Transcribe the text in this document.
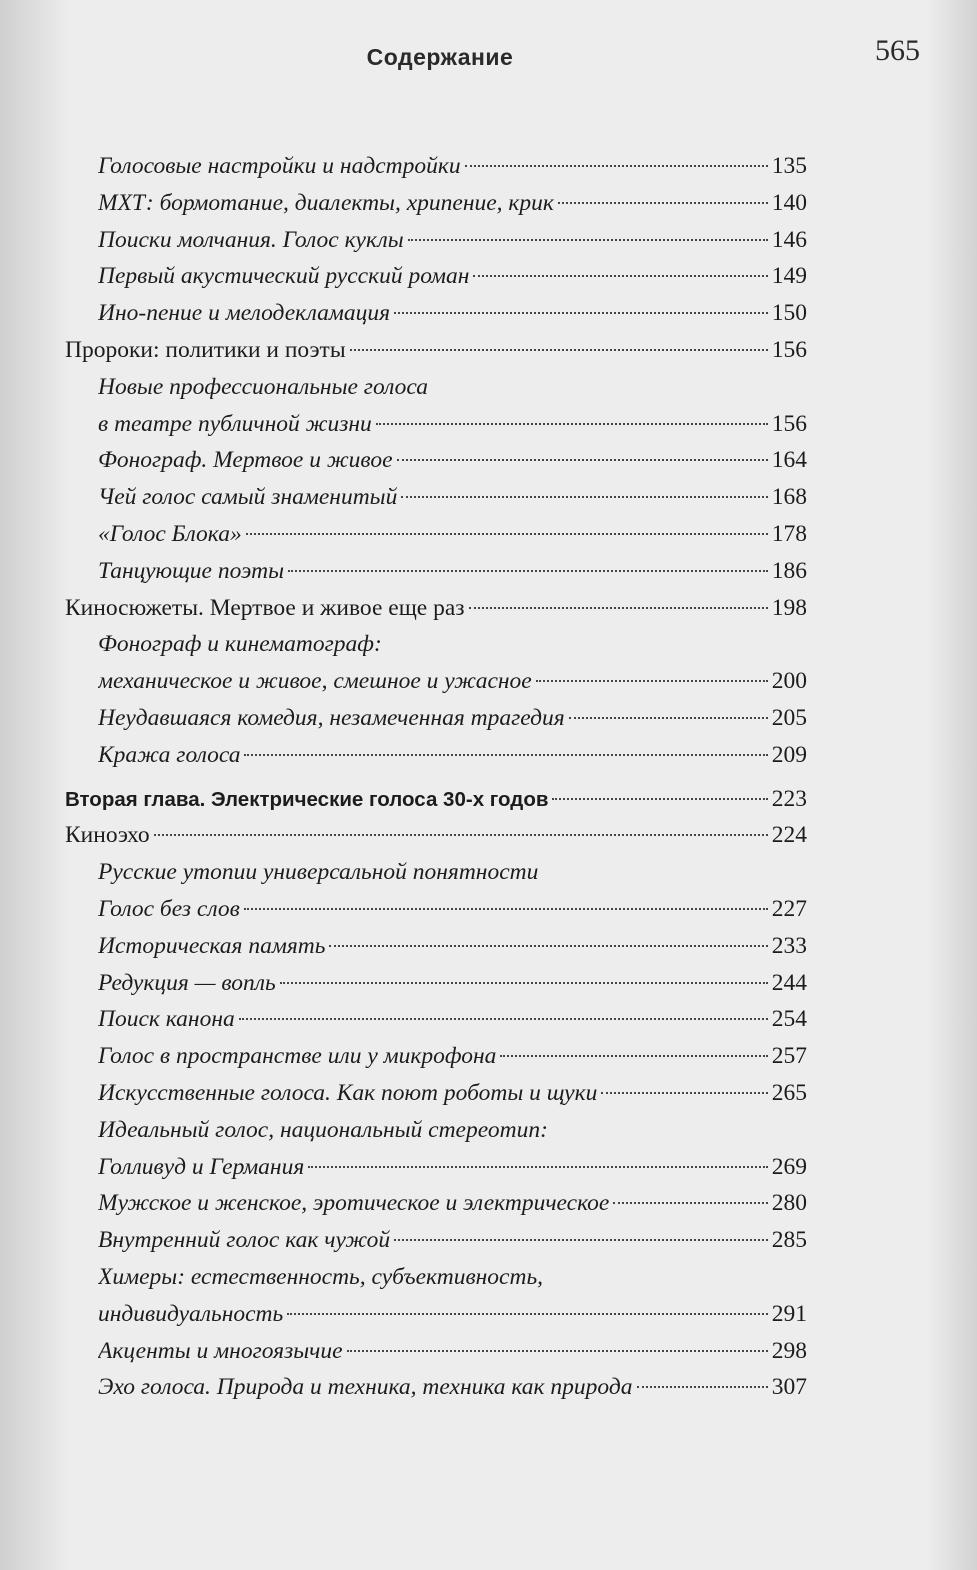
Содержание	565
Голосовые настройки и надстройки	135
МХТ: бормотание, диалекты, хрипение, крик	140
Поиски молчания. Голос куклы	146
Первый акустический русский роман	149
Ино-пение и мелодекламация	150
Пророки: политики и поэты	156
Новые профессиональные голоса
в театре публичной жизни	156
Фонограф. Мертвое и живое	164
Чей голос самый знаменитый	168
«Голос Блока»	178
Танцующие поэты	186
Киносюжеты. Мертвое и живое еще раз	198
Фонограф и кинематограф:
механическое и живое, смешное и ужасное	200
Неудавшаяся комедия, незамеченная трагедия	205
Кража голоса	209
Вторая глава. Электрические голоса 30-х годов	223
Киноэхо	224
Русские утопии универсальной понятности
Голос без слов	227
Историческая память	233
Редукция — вопль	244
Поиск канона	254
Голос в пространстве или у микрофона	257
Искусственные голоса. Как поют роботы и щуки	265
Идеальный голос, национальный стереотип:
Голливуд и Германия	269
Мужское и женское, эротическое и электрическое	280
Внутренний голос как чужой	285
Химеры: естественность, субъективность,
индивидуальность	291
Акценты и многоязычие	298
Эхо голоса. Природа и техника, техника как природа	307
